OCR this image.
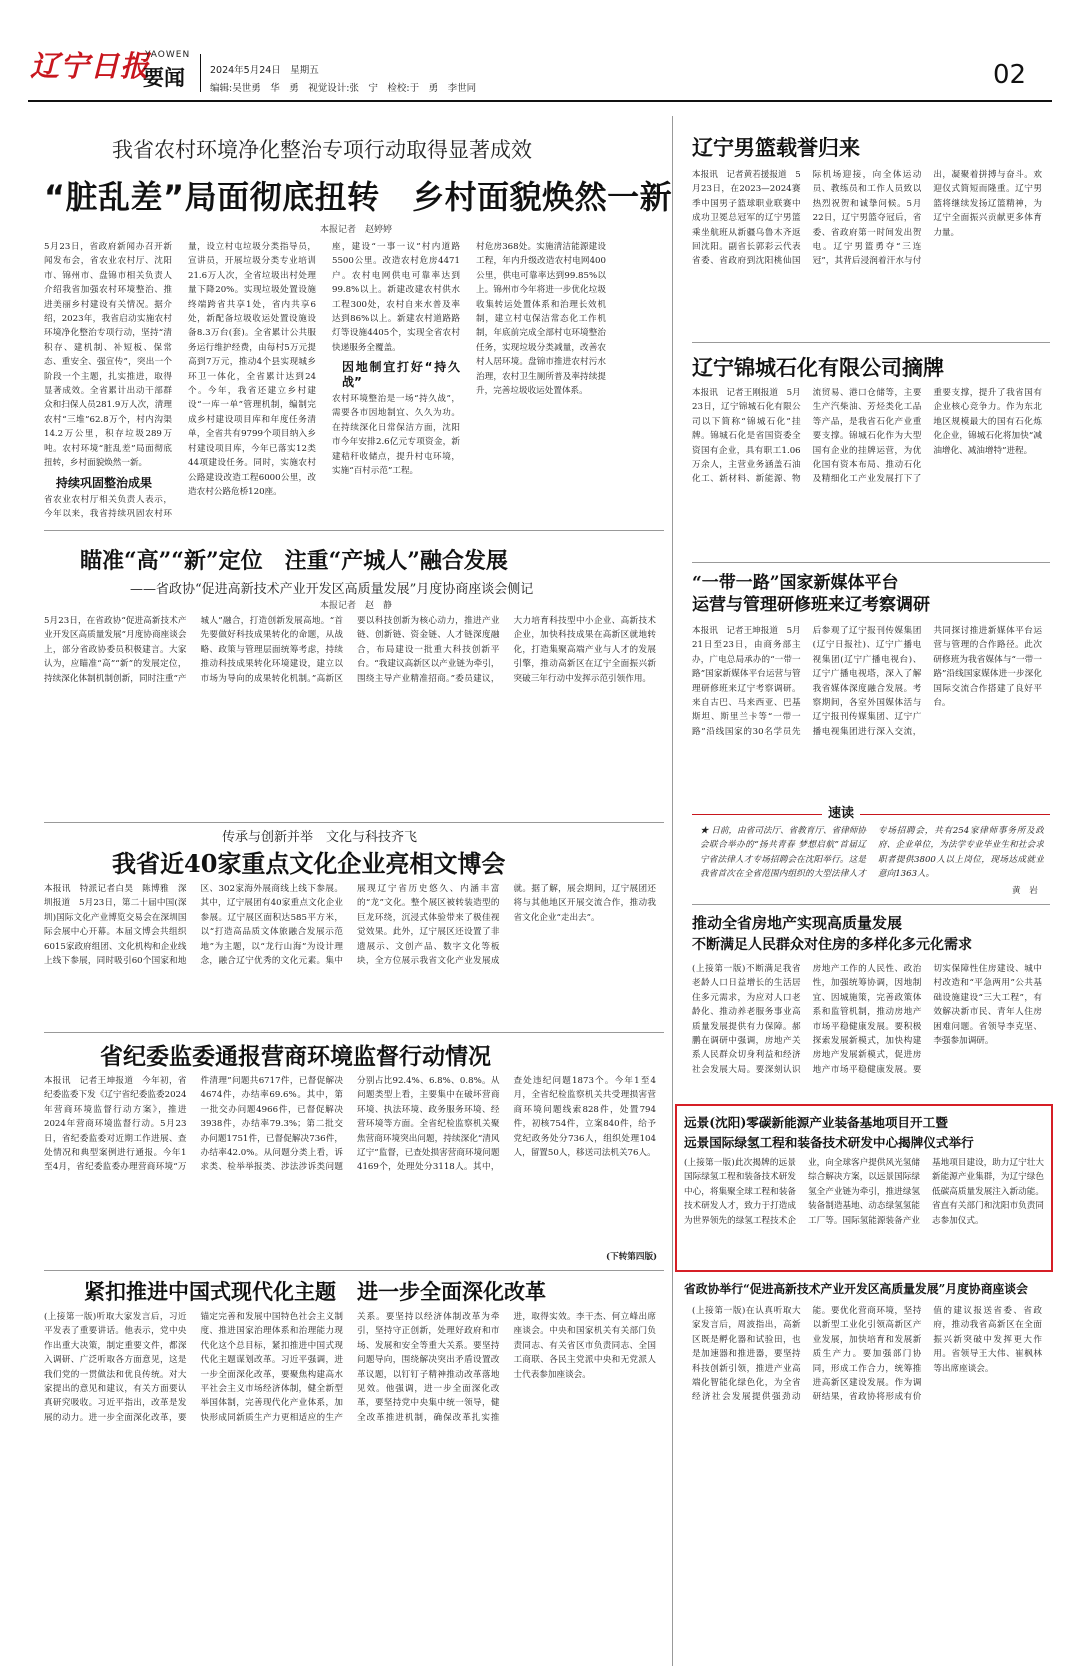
辽宁日报
YAOWEN
要闻	2024年5月24日　星期五
编辑:吴世勇　华　勇　视觉设计:张　宁　检校:于　勇　李世同	02
我省农村环境净化整治专项行动取得显著成效
“脏乱差”局面彻底扭转　乡村面貌焕然一新
本报记者　赵婷婷
5月23日，省政府新闻办召开新闻发布会，省农业农村厅、沈阳市、锦州市、盘锦市相关负责人介绍我省加强农村环境整治、推进美丽乡村建设有关情况。据介绍，2023年，我省启动实施农村环境净化整治专项行动，坚持“清积存、建机制、补短板、保常态、重安全、强宣传”，突出一个阶段一个主题，扎实推进，取得显著成效。全省累计出动干部群众和扫保人员281.9万人次，清理农村“三堆”62.8万个，村内沟渠14.2万公里，积存垃圾289万吨。农村环境“脏乱差”局面彻底扭转，乡村面貌焕然一新。
持续巩固整治成果
省农业农村厅相关负责人表示，今年以来，我省持续巩固农村环
量，设立村屯垃圾分类指导员，宣讲员，开展垃圾分类专业培训21.6万人次，全省垃圾出村处理量下降20%。实现垃圾处置设施终端跨省共享1处，省内共享6处，新配备垃圾收运处置设施设备8.3万台(套)。全省累计公共服务运行维护经费，由每村5万元提高到7万元，推动4个县实现城乡环卫一体化，全省累计达到24个。今年，我省还建立乡村建设“一库一单”管理机制，编制完成乡村建设项目库和年度任务清单，全省共有9799个项目纳入乡村建设项目库，今年已落实12类44项建设任务。同时，实施农村公路建设改造工程6000公里，改造农村公路危桥120座。
座，建设“一事一议”村内道路5500公里。改造农村危房4471户。农村电网供电可靠率达到99.8%以上。新建改建农村供水工程300处，农村自来水普及率达到86%以上。新建农村道路路灯等设施4405个，实现全省农村快递服务全覆盖。
因地制宜打好“持久战”
农村环境整治是一场“持久战”，需要各市因地制宜、久久为功。在持续深化日常保洁方面，沈阳市今年安排2.6亿元专项资金，新建秸秆收储点，提升村屯环境，实施“百村示范”工程。
村危房368处。实施清洁能源建设工程，年内升级改造农村电网400公里，供电可靠率达到99.85%以上。锦州市今年将进一步优化垃圾收集转运处置体系和治理长效机制，建立村屯保洁常态化工作机制，年底前完成全部村屯环境整治任务，实现垃圾分类减量，改善农村人居环境。盘锦市推进农村污水治理，农村卫生厕所普及率持续提升，完善垃圾收运处置体系。
辽宁男篮载誉归来
本报讯　记者黄若援报道　5月23日，在2023—2024赛季中国男子篮球职业联赛中成功卫冕总冠军的辽宁男篮乘坐航班从新疆乌鲁木齐返回沈阳。副省长郭彩云代表省委、省政府到沈阳桃仙国际机场迎接，向全体运动员、教练员和工作人员致以热烈祝贺和诚挚问候。5月22日，辽宁男篮夺冠后，省委、省政府第一时间发出贺电。辽宁男篮勇夺“三连冠”，其背后浸润着汗水与付出，凝聚着拼搏与奋斗。欢迎仪式简短而隆重。辽宁男篮将继续发扬辽篮精神，为辽宁全面振兴贡献更多体育力量。
辽宁锦城石化有限公司摘牌
本报讯　记者王刚报道　5月23日，辽宁锦城石化有限公司以下简称“锦城石化”挂牌。锦城石化是省国资委全资国有企业，具有职工1.06万余人，主营业务涵盖石油化工、新材料、新能源、物流贸易、港口仓储等，主要生产汽柴油、芳烃类化工品等产品，是我省石化产业重要支撑。锦城石化作为大型国有企业的挂牌运营，为优化国有资本布局、推动石化及精细化工产业发展打下了重要支撑，提升了我省国有企业核心竞争力。作为东北地区规模最大的国有石化炼化企业，锦城石化将加快“减油增化、减油增特”进程。
瞄准“高”“新”定位　注重“产城人”融合发展
——省政协“促进高新技术产业开发区高质量发展”月度协商座谈会侧记
本报记者　赵　静
5月23日，在省政协“促进高新技术产业开发区高质量发展”月度协商座谈会上，部分省政协委员积极建言。大家认为，应瞄准“高”“新”的发展定位，持续深化体制机制创新，同时注重“产城人”融合，打造创新发展高地。“首先要做好科技成果转化的命题，从战略、政策与管理层面统筹考虑，持续推动科技成果转化环境建设，建立以市场为导向的成果转化机制。”高新区要以科技创新为核心动力，推进产业链、创新链、资金链、人才链深度融合，布局建设一批重大科技创新平台。“我建议高新区以产业链为牵引，围绕主导产业精准招商。”委员建议，大力培育科技型中小企业、高新技术企业，加快科技成果在高新区就地转化，打造集聚高端产业与人才的发展引擎，推动高新区在辽宁全面振兴新突破三年行动中发挥示范引领作用。
“一带一路”国家新媒体平台
运营与管理研修班来辽考察调研
本报讯　记者王坤报道　5月21日至23日，由商务部主办，广电总局承办的“一带一路”国家新媒体平台运营与管理研修班来辽宁考察调研。来自古巴、马来西亚、巴基斯坦、斯里兰卡等“一带一路”沿线国家的30名学员先后参观了辽宁报刊传媒集团(辽宁日报社)、辽宁广播电视集团(辽宁广播电视台)、辽宁广播电视塔，深入了解我省媒体深度融合发展。考察期间，各室外国媒体活与辽宁报刊传媒集团、辽宁广播电视集团进行深入交流，共同探讨推进新媒体平台运营与管理的合作路径。此次研修班为我省媒体与“一带一路”沿线国家媒体进一步深化国际交流合作搭建了良好平台。
速读
★ 日前，由省司法厅、省教育厅、省律师协会联合举办的“扬共青春 梦想启航”首届辽宁省法律人才专场招聘会在沈阳举行。这是我省首次在全省范围内组织的大型法律人才专场招聘会，共有254家律师事务所及政府、企业单位，为法学专业毕业生和社会求职者提供3800人以上岗位，现场达成就业意向1363人。
黄　岩
传承与创新并举　文化与科技齐飞
我省近40家重点文化企业亮相文博会
本报讯　特派记者白昊　陈博雅　深圳报道　5月23日，第二十届中国(深圳)国际文化产业博览交易会在深圳国际会展中心开幕。本届文博会共组织6015家政府组团、文化机构和企业线上线下参展，同时吸引60个国家和地区、302家海外展商线上线下参展。其中，辽宁展团有40家重点文化企业参展。辽宁展区面积达585平方米，以“打造高品质文体旅融合发展示范地”为主题，以“龙行山海”为设计理念，融合辽宁优秀的文化元素。集中展现辽宁省历史悠久、内涵丰富的“龙”文化。整个展区被转装造型的巨龙环绕，沉浸式体验带来了极佳视觉效果。此外，辽宁展区还设置了非遗展示、文创产品、数字文化等板块，全方位展示我省文化产业发展成就。据了解，展会期间，辽宁展团还将与其他地区开展交流合作，推动我省文化企业“走出去”。	推动全省房地产实现高质量发展
不断满足人民群众对住房的多样化多元化需求
(上接第一版)不断满足我省老龄人口日益增长的生活居住多元需求，为应对人口老龄化、推动养老服务事业高质量发展提供有力保障。郝鹏在调研中强调，房地产关系人民群众切身利益和经济社会发展大局。要深刻认识房地产工作的人民性、政治性，加强统筹协调，因地制宜、因城施策，完善政策体系和监管机制，推动房地产市场平稳健康发展。要积极探索发展新模式，加快构建房地产发展新模式，促进房地产市场平稳健康发展。要切实保障性住房建设、城中村改造和“平急两用”公共基础设施建设“三大工程”，有效解决新市民、青年人住房困难问题。省领导李克坚、李强参加调研。
省纪委监委通报营商环境监督行动情况
本报讯　记者王坤报道　今年初，省纪委监委下发《辽宁省纪委监委2024年营商环境监督行动方案》，推进2024年营商环境监督行动。5月23日，省纪委监委对近期工作进展、查处情况和典型案例进行通报。今年1至4月，省纪委监委办理营商环境“万件清理”问题共6717件，已督促解决4674件，办结率69.6%。其中，第一批交办问题4966件，已督促解决3938件，办结率79.3%；第二批交办问题1751件，已督促解决736件，办结率42.0%。从问题分类上看，诉求类、检举举报类、涉法涉诉类问题分别占比92.4%、6.8%、0.8%。从问题类型上看，主要集中在破坏营商环境、执法环境、政务服务环境、经营环境等方面。全省纪检监察机关聚焦营商环境突出问题，持续深化“清风辽宁”监督，已查处损害营商环境问题4169个，处理处分3118人。其中，查处违纪问题1873个。今年1至4月，全省纪检监察机关共受理损害营商环境问题线索828件，处置794件，初核754件，立案840件，给予党纪政务处分736人，组织处理104人，留置50人，移送司法机关76人。
(下转第四版)
远景(沈阳)零碳新能源产业装备基地项目开工暨
远景国际绿氢工程和装备技术研发中心揭牌仪式举行
(上接第一版)此次揭牌的远景国际绿氢工程和装备技术研发中心，将集聚全球工程和装备技术研发人才，致力于打造成为世界领先的绿氢工程技术企业，向全球客户提供风光氢储综合解决方案，以远景国际绿氢全产业链为牵引，推进绿氢装备制造基地、动态绿氢氢能工厂等。国际氢能源装备产业基地项目建设，助力辽宁壮大新能源产业集群，为辽宁绿色低碳高质量发展注入新动能。省直有关部门和沈阳市负责同志参加仪式。
紧扣推进中国式现代化主题　进一步全面深化改革
(上接第一版)听取大家发言后，习近平发表了重要讲话。他表示，党中央作出重大决策，制定重要文件，都深入调研、广泛听取各方面意见，这是我们党的一贯做法和优良传统。对大家提出的意见和建议，有关方面要认真研究吸收。习近平指出，改革是发展的动力。进一步全面深化改革，要锚定完善和发展中国特色社会主义制度、推进国家治理体系和治理能力现代化这个总目标，紧扣推进中国式现代化主题谋划改革。习近平强调，进一步全面深化改革，要聚焦构建高水平社会主义市场经济体制，健全新型举国体制，完善现代化产业体系，加快形成同新质生产力更相适应的生产关系。要坚持以经济体制改革为牵引，坚持守正创新，处理好政府和市场、发展和安全等重大关系。要坚持问题导向，围绕解决突出矛盾设置改革议题，以钉钉子精神推动改革落地见效。他强调，进一步全面深化改革，要坚持党中央集中统一领导，健全改革推进机制，确保改革扎实推进，取得实效。李干杰、何立峰出席座谈会。中央和国家机关有关部门负责同志、有关省区市负责同志、全国工商联、各民主党派中央和无党派人士代表参加座谈会。
省政协举行“促进高新技术产业开发区高质量发展”月度协商座谈会
(上接第一版)在认真听取大家发言后，周波指出，高新区既是孵化器和试验田，也是加速器和推进器，要坚持科技创新引领，推进产业高端化智能化绿色化，为全省经济社会发展提供强劲动能。要优化营商环境，坚持以新型工业化引领高新区产业发展，加快培育和发展新质生产力。要加强部门协同，形成工作合力，统筹推进高新区建设发展。作为调研结果，省政协将形成有价值的建议报送省委、省政府，推动我省高新区在全面振兴新突破中发挥更大作用。省领导王大伟、崔枫林等出席座谈会。
